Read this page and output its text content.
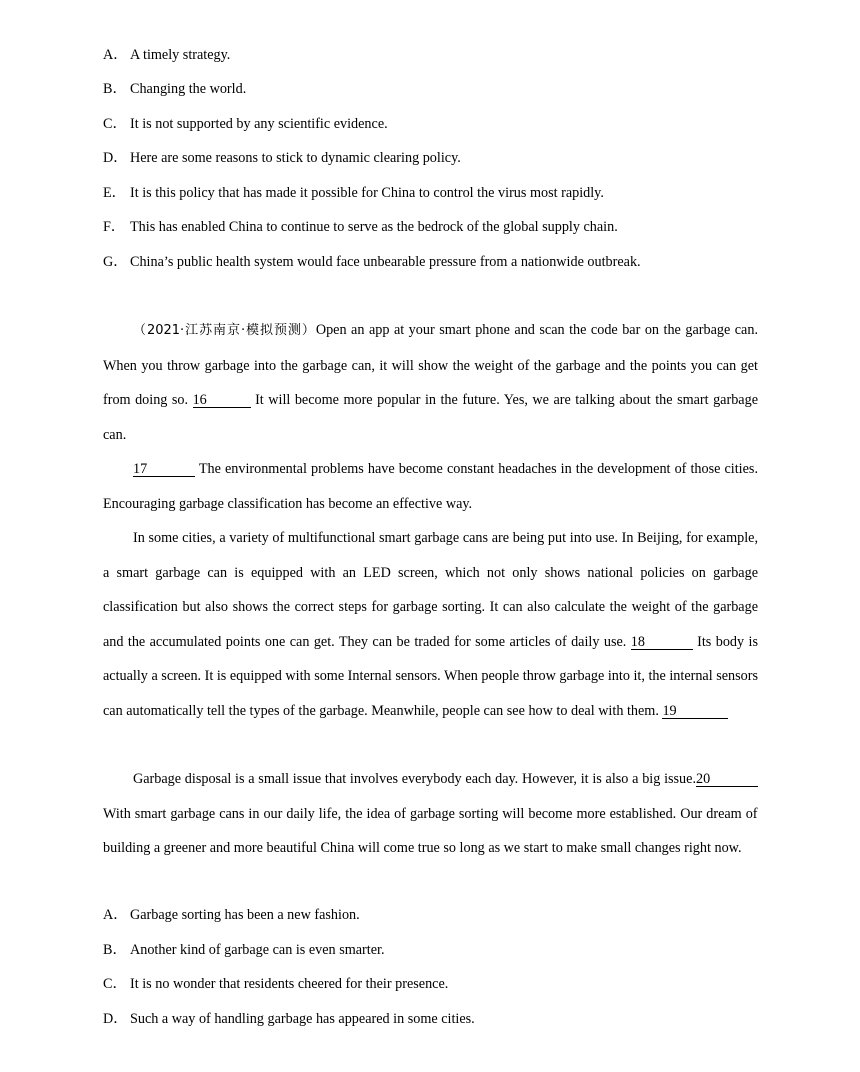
A． A timely strategy.
B． Changing the world.
C． It is not supported by any scientific evidence.
D． Here are some reasons to stick to dynamic clearing policy.
E． It is this policy that has made it possible for China to control the virus most rapidly.
F． This has enabled China to continue to serve as the bedrock of the global supply chain.
G． China’s public health system would face unbearable pressure from a nationwide outbreak.

（2021·江苏南京·模拟预测）Open an app at your smart phone and scan the code bar on the garbage can. When you throw garbage into the garbage can, it will show the weight of the garbage and the points you can get from doing so. 16	It will become more popular in the future. Yes, we are talking about the smart garbage can.

17	The environmental problems have become constant headaches in the development of those cities. Encouraging garbage classification has become an effective way.

In some cities, a variety of multifunctional smart garbage cans are being put into use. In Beijing, for example, a smart garbage can is equipped with an LED screen, which not only shows national policies on garbage classification but also shows the correct steps for garbage sorting. It can also calculate the weight of the garbage and the accumulated points one can get. They can be traded for some articles of daily use. 18	Its body is actually a screen. It is equipped with some Internal sensors. When people throw garbage into it, the internal sensors can automatically tell the types of the garbage. Meanwhile, people can see how to deal with them. 19

Garbage disposal is a small issue that involves everybody each day. However, it is also a big issue.20 With smart garbage cans in our daily life, the idea of garbage sorting will become more established. Our dream of building a greener and more beautiful China will come true so long as we start to make small changes right now.

A． Garbage sorting has been a new fashion.
B． Another kind of garbage can is even smarter.
C． It is no wonder that residents cheered for their presence.
D． Such a way of handling garbage has appeared in some cities.
